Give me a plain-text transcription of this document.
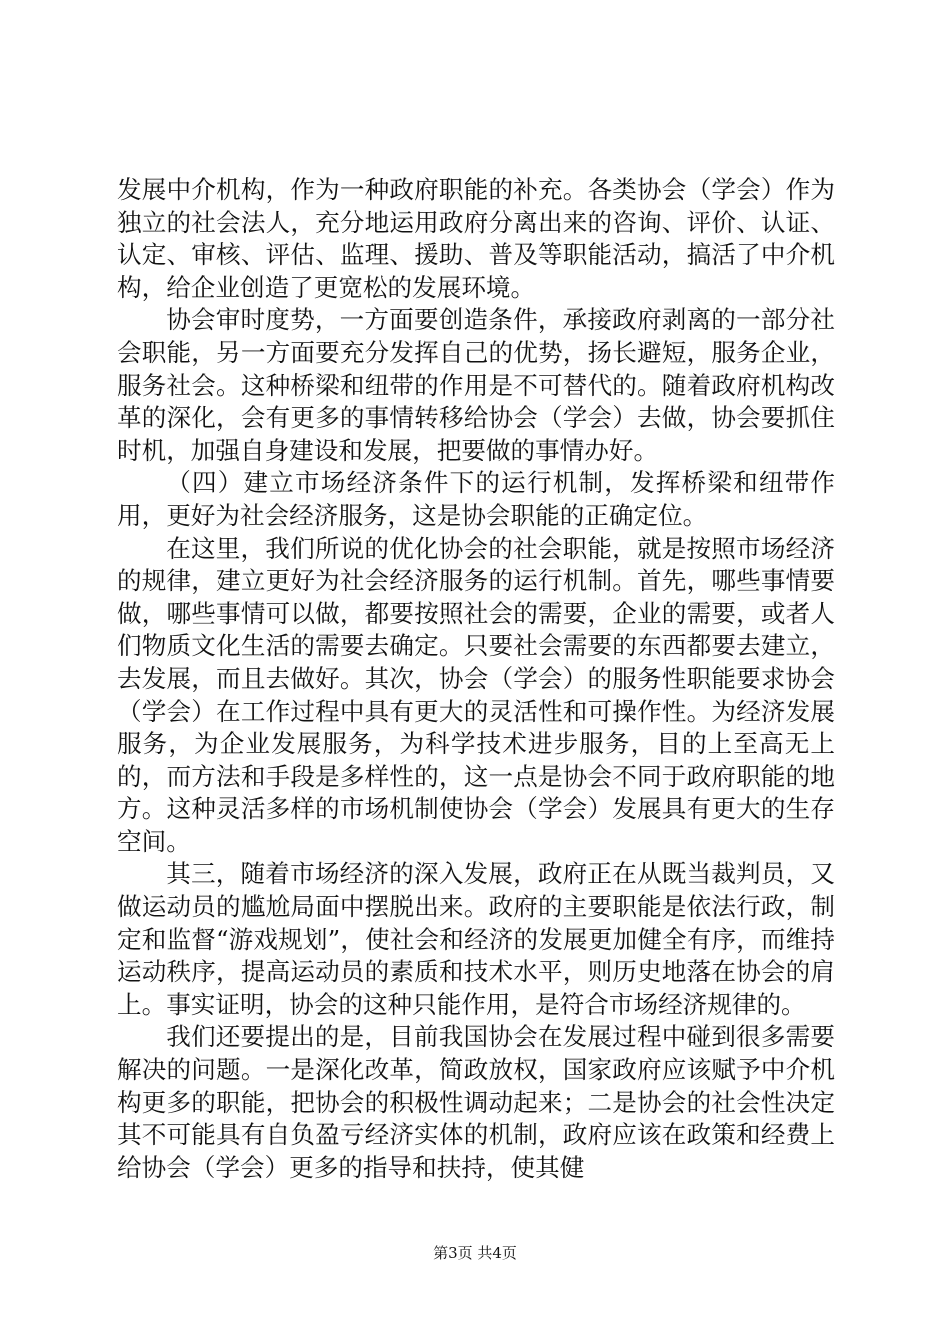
发展中介机构，作为一种政府职能的补充。各类协会（学会）作为独立的社会法人，充分地运用政府分离出来的咨询、评价、认证、认定、审核、评估、监理、援助、普及等职能活动，搞活了中介机构，给企业创造了更宽松的发展环境。

协会审时度势，一方面要创造条件，承接政府剥离的一部分社会职能，另一方面要充分发挥自己的优势，扬长避短，服务企业，服务社会。这种桥梁和纽带的作用是不可替代的。随着政府机构改革的深化，会有更多的事情转移给协会（学会）去做，协会要抓住时机，加强自身建设和发展，把要做的事情办好。

（四）建立市场经济条件下的运行机制，发挥桥梁和纽带作用，更好为社会经济服务，这是协会职能的正确定位。

在这里，我们所说的优化协会的社会职能，就是按照市场经济的规律，建立更好为社会经济服务的运行机制。首先，哪些事情要做，哪些事情可以做，都要按照社会的需要，企业的需要，或者人们物质文化生活的需要去确定。只要社会需要的东西都要去建立，去发展，而且去做好。其次，协会（学会）的服务性职能要求协会（学会）在工作过程中具有更大的灵活性和可操作性。为经济发展服务，为企业发展服务，为科学技术进步服务，目的上至高无上的，而方法和手段是多样性的，这一点是协会不同于政府职能的地方。这种灵活多样的市场机制使协会（学会）发展具有更大的生存空间。

其三，随着市场经济的深入发展，政府正在从既当裁判员，又做运动员的尴尬局面中摆脱出来。政府的主要职能是依法行政，制定和监督“游戏规划”，使社会和经济的发展更加健全有序，而维持运动秩序，提高运动员的素质和技术水平，则历史地落在协会的肩上。事实证明，协会的这种只能作用，是符合市场经济规律的。

我们还要提出的是，目前我国协会在发展过程中碰到很多需要解决的问题。一是深化改革，简政放权，国家政府应该赋予中介机构更多的职能，把协会的积极性调动起来；二是协会的社会性决定其不可能具有自负盈亏经济实体的机制，政府应该在政策和经费上给协会（学会）更多的指导和扶持，使其健

第3页 共4页
